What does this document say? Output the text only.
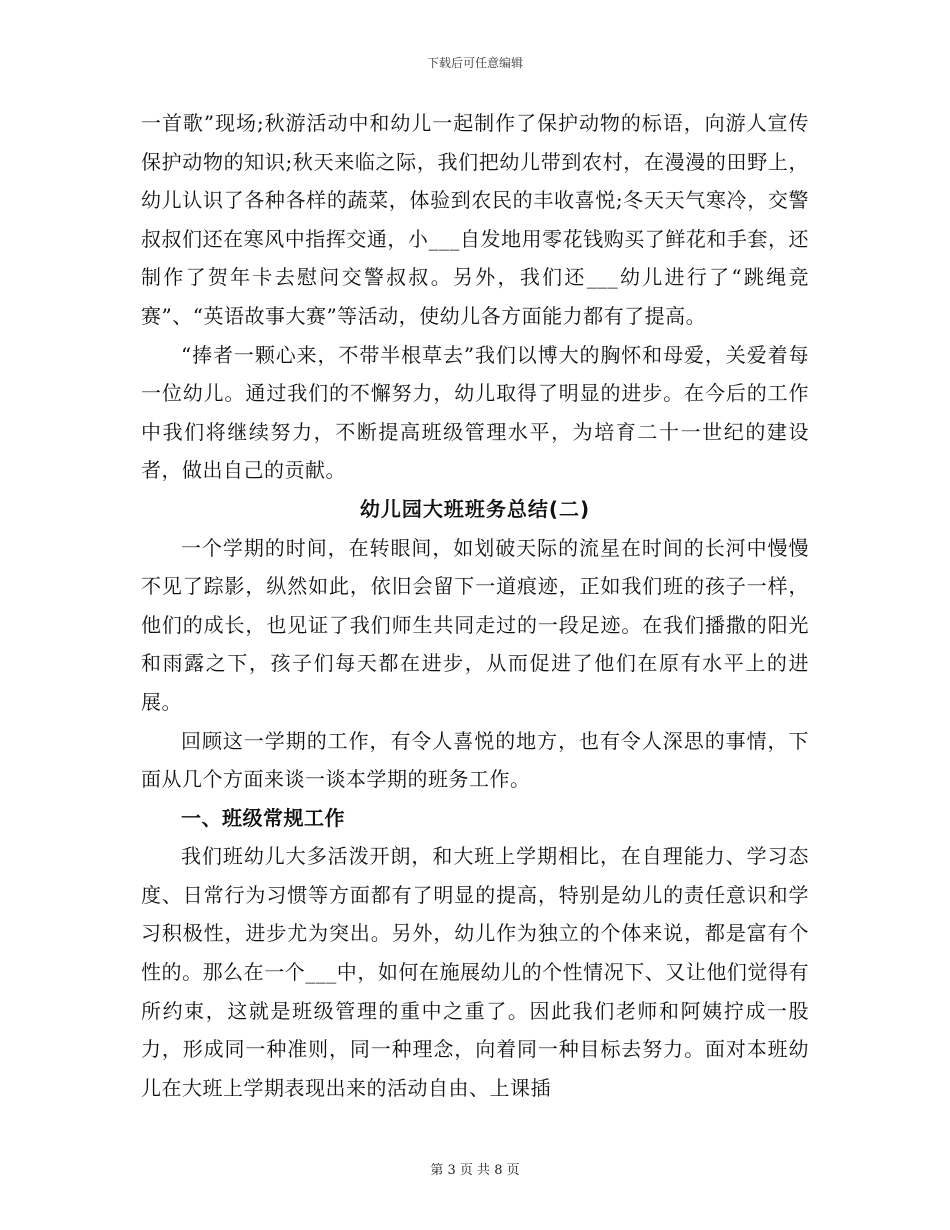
下载后可任意编辑

一首歌”现场;秋游活动中和幼儿一起制作了保护动物的标语，向游人宣传保护动物的知识;秋天来临之际，我们把幼儿带到农村，在漫漫的田野上，幼儿认识了各种各样的蔬菜，体验到农民的丰收喜悦;冬天天气寒冷，交警叔叔们还在寒风中指挥交通，小___自发地用零花钱购买了鲜花和手套，还制作了贺年卡去慰问交警叔叔。另外，我们还___幼儿进行了“跳绳竞赛”、“英语故事大赛”等活动，使幼儿各方面能力都有了提高。

“捧者一颗心来，不带半根草去”我们以博大的胸怀和母爱，关爱着每一位幼儿。通过我们的不懈努力，幼儿取得了明显的进步。在今后的工作中我们将继续努力，不断提高班级管理水平，为培育二十一世纪的建设者，做出自己的贡献。

幼儿园大班班务总结(二)

一个学期的时间，在转眼间，如划破天际的流星在时间的长河中慢慢不见了踪影，纵然如此，依旧会留下一道痕迹，正如我们班的孩子一样，他们的成长，也见证了我们师生共同走过的一段足迹。在我们播撒的阳光和雨露之下，孩子们每天都在进步，从而促进了他们在原有水平上的进展。

回顾这一学期的工作，有令人喜悦的地方，也有令人深思的事情，下面从几个方面来谈一谈本学期的班务工作。

一、班级常规工作

我们班幼儿大多活泼开朗，和大班上学期相比，在自理能力、学习态度、日常行为习惯等方面都有了明显的提高，特别是幼儿的责任意识和学习积极性，进步尤为突出。另外，幼儿作为独立的个体来说，都是富有个性的。那么在一个___中，如何在施展幼儿的个性情况下、又让他们觉得有所约束，这就是班级管理的重中之重了。因此我们老师和阿姨拧成一股力，形成同一种准则，同一种理念，向着同一种目标去努力。面对本班幼儿在大班上学期表现出来的活动自由、上课插

第 3 页 共 8 页
